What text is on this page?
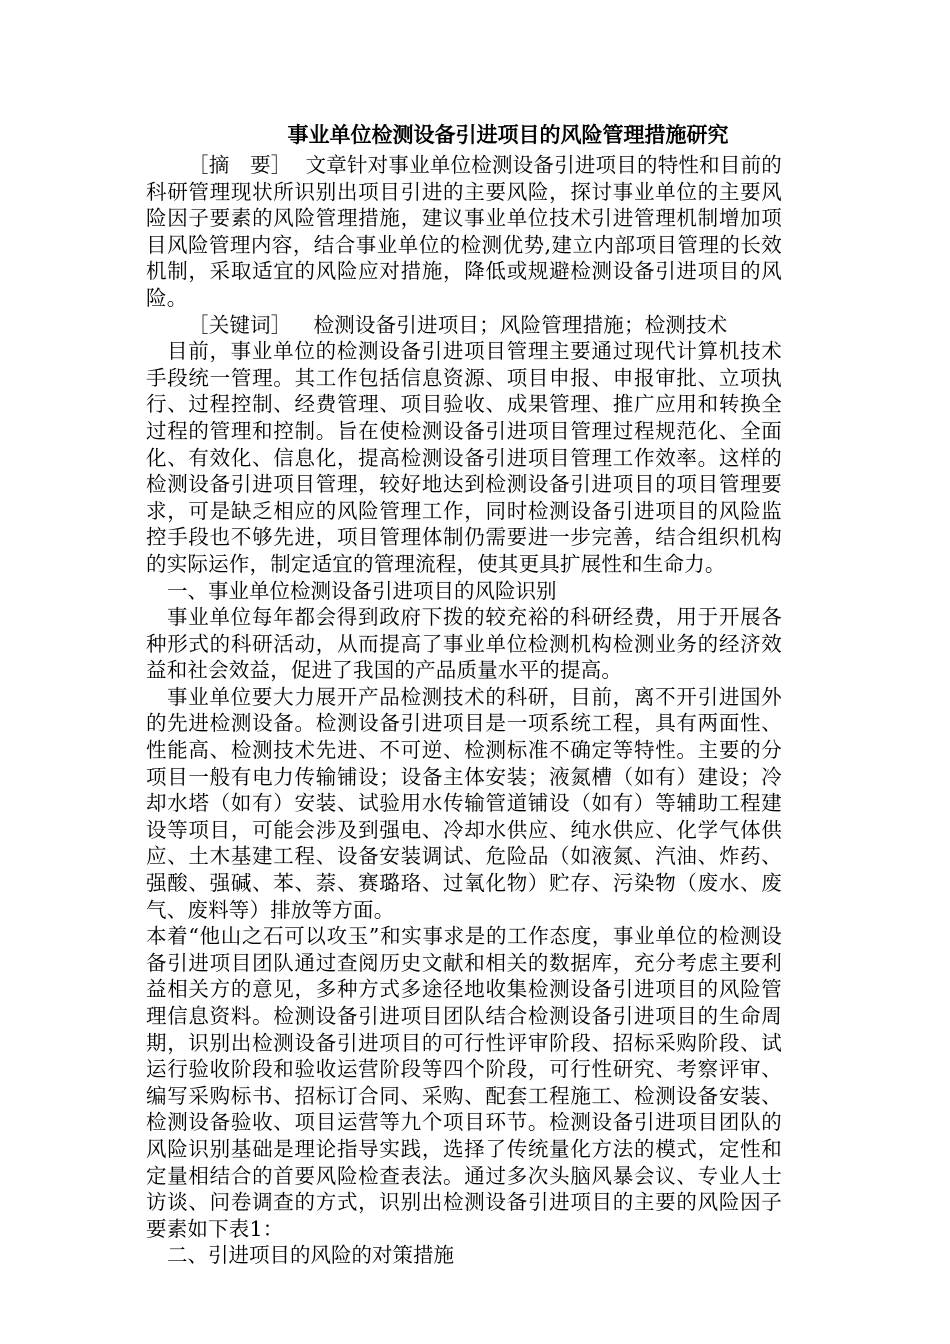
事业单位检测设备引进项目的风险管理措施研究

［摘　要］ 文章针对事业单位检测设备引进项目的特性和目前的科研管理现状所识别出项目引进的主要风险，探讨事业单位的主要风险因子要素的风险管理措施，建议事业单位技术引进管理机制增加项目风险管理内容，结合事业单位的检测优势,建立内部项目管理的长效机制，采取适宜的风险应对措施，降低或规避检测设备引进项目的风险。

［关键词］ 检测设备引进项目；风险管理措施；检测技术

目前，事业单位的检测设备引进项目管理主要通过现代计算机技术手段统一管理。其工作包括信息资源、项目申报、申报审批、立项执行、过程控制、经费管理、项目验收、成果管理、推广应用和转换全过程的管理和控制。旨在使检测设备引进项目管理过程规范化、全面化、有效化、信息化，提高检测设备引进项目管理工作效率。这样的检测设备引进项目管理，较好地达到检测设备引进项目的项目管理要求，可是缺乏相应的风险管理工作，同时检测设备引进项目的风险监控手段也不够先进，项目管理体制仍需要进一步完善，结合组织机构的实际运作，制定适宜的管理流程，使其更具扩展性和生命力。

一、事业单位检测设备引进项目的风险识别

事业单位每年都会得到政府下拨的较充裕的科研经费，用于开展各种形式的科研活动，从而提高了事业单位检测机构检测业务的经济效益和社会效益，促进了我国的产品质量水平的提高。

事业单位要大力展开产品检测技术的科研，目前，离不开引进国外的先进检测设备。检测设备引进项目是一项系统工程，具有两面性、性能高、检测技术先进、不可逆、检测标准不确定等特性。主要的分项目一般有电力传输铺设；设备主体安装；液氮槽（如有）建设；冷却水塔（如有）安装、试验用水传输管道铺设（如有）等辅助工程建设等项目，可能会涉及到强电、冷却水供应、纯水供应、化学气体供应、土木基建工程、设备安装调试、危险品（如液氮、汽油、炸药、强酸、强碱、苯、萘、赛璐珞、过氧化物）贮存、污染物（废水、废气、废料等）排放等方面。

本着“他山之石可以攻玉”和实事求是的工作态度，事业单位的检测设备引进项目团队通过查阅历史文献和相关的数据库，充分考虑主要利益相关方的意见，多种方式多途径地收集检测设备引进项目的风险管理信息资料。检测设备引进项目团队结合检测设备引进项目的生命周期，识别出检测设备引进项目的可行性评审阶段、招标采购阶段、试运行验收阶段和验收运营阶段等四个阶段，可行性研究、考察评审、编写采购标书、招标订合同、采购、配套工程施工、检测设备安装、检测设备验收、项目运营等九个项目环节。检测设备引进项目团队的风险识别基础是理论指导实践，选择了传统量化方法的模式，定性和定量相结合的首要风险检查表法。通过多次头脑风暴会议、专业人士访谈、问卷调查的方式，识别出检测设备引进项目的主要的风险因子要素如下表1：

二、引进项目的风险的对策措施
